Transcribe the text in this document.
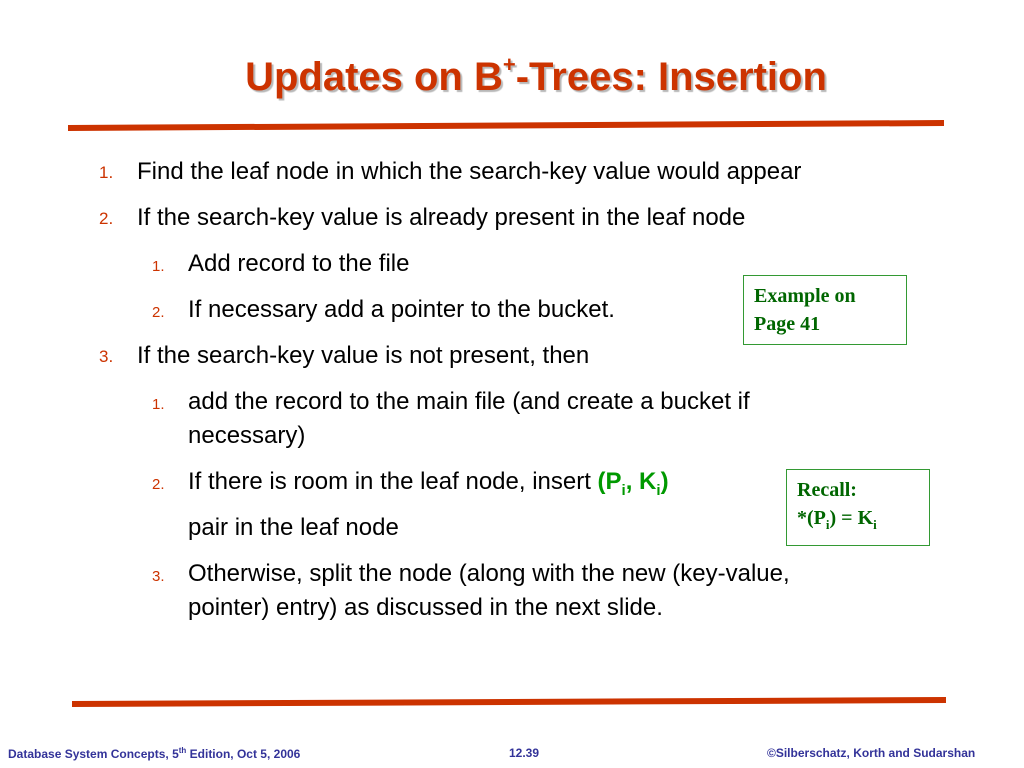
Updates on B+-Trees: Insertion
1. Find the leaf node in which the search-key value would appear
2. If the search-key value is already present in the leaf node
1. Add record to the file
2. If necessary add a pointer to the bucket.
3. If the search-key value is not present, then
1. add the record to the main file (and create a bucket if
necessary)
2. If there is room in the leaf node, insert ($P_i$, $K_i$)
pair in the leaf node
3. Otherwise, split the node (along with the new (key-value,
pointer) entry) as discussed in the next slide.
Example on
Page 41
Recall:
$*(P_i) = K_i$
Database System Concepts, 5th Edition, Oct 5, 2006	12.39	©Silberschatz, Korth and Sudarshan
